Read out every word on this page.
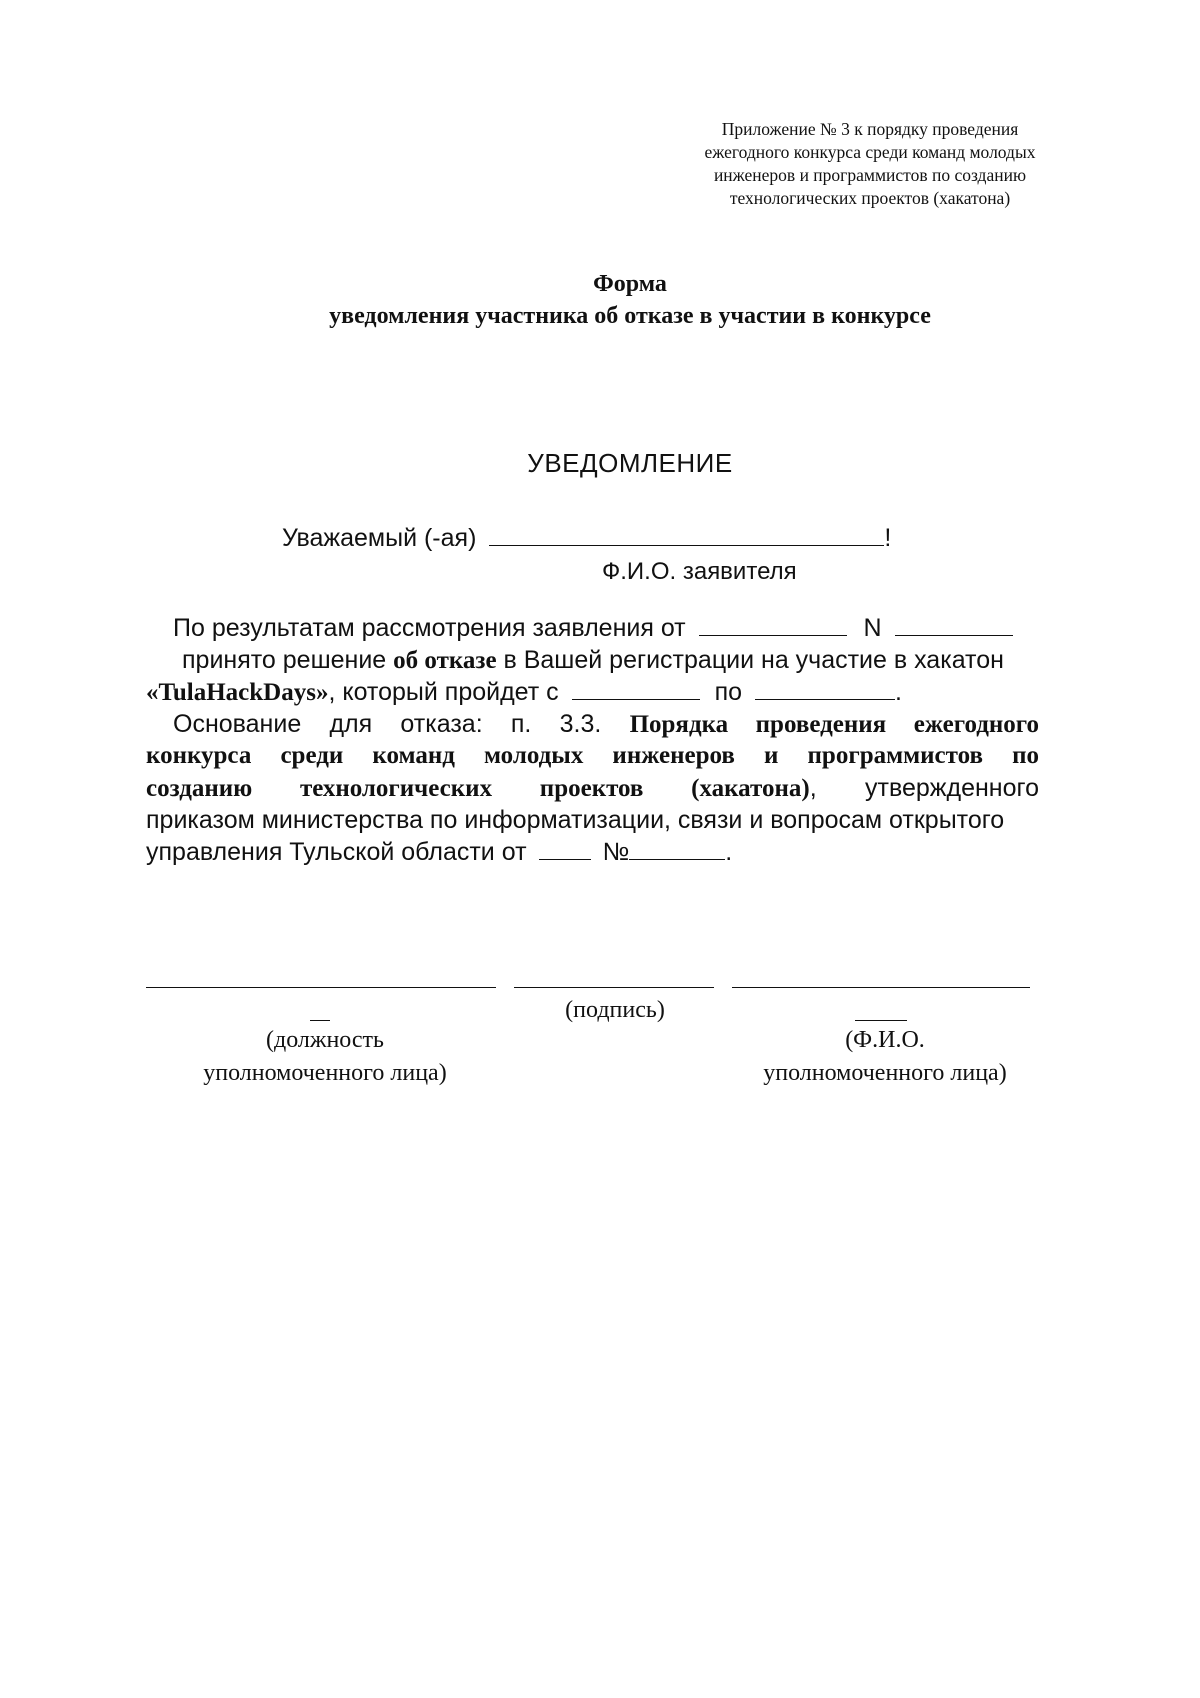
Приложение № 3 к порядку проведения
ежегодного конкурса среди команд молодых
инженеров и программистов по созданию
технологических проектов (хакатона)
Форма
уведомления участника об отказе в участии в конкурсе
УВЕДОМЛЕНИЕ
Уважаемый (-ая)	!
Ф.И.О. заявителя
По результатам рассмотрения заявления от	N
принято решение об отказе в Вашей регистрации на участие в хакатон
«TulaHackDays», который пройдет с	по	.
Основание для отказа: п. 3.3. Порядка проведения ежегодного
конкурса среди команд молодых инженеров и программистов по
созданию технологических проектов (хакатона), утвержденного
приказом министерства по информатизации, связи и вопросам открытого
управления Тульской области от	№	.
(подпись)
(должность
уполномоченного лица)
(Ф.И.О.
уполномоченного лица)
